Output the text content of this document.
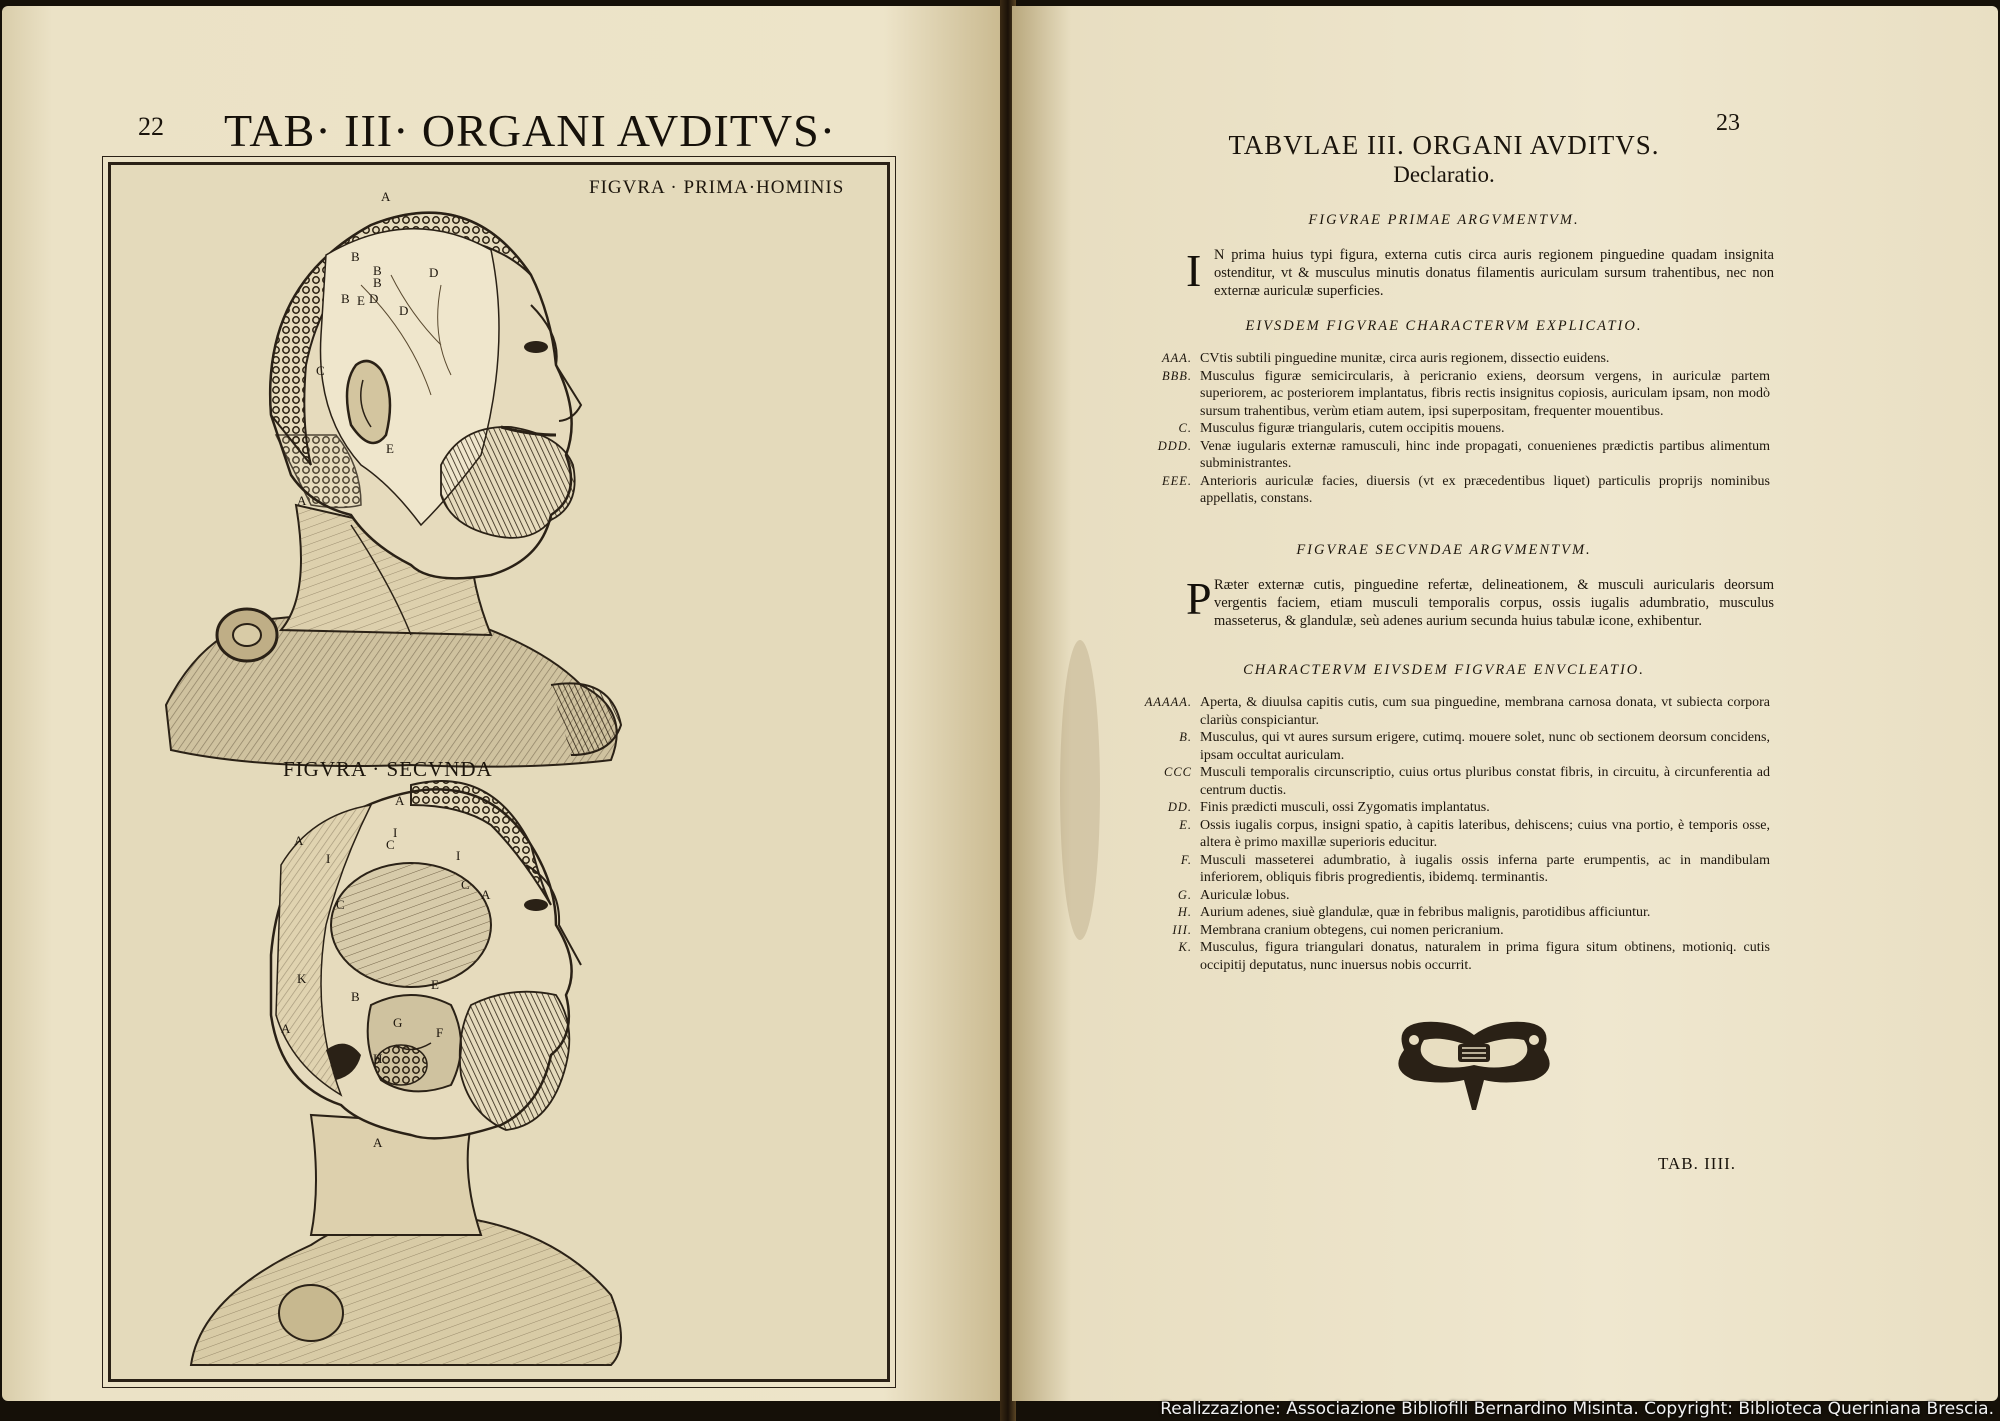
22 TAB· III· ORGANI AVDITVS·
A
B
B
B
D
B
E D
D
C
E
A
A
A
I
I
C
I
C
C
A
K
B
E
A	G
F
H
A
FIGVRA · PRIMA·HOMINIS
FIGVRA · SECVNDA
23
TABVLAE III. ORGANI AVDITVS.
Declaratio.
FIGVRAE PRIMAE ARGVMENTVM.
I N prima huius typi figura, externa cutis circa auris regionem pinguedine quadam insignita ostenditur, vt & musculus minutis donatus filamentis auriculam sursum trahentibus, nec non externæ auriculæ superficies.
EIVSDEM FIGVRAE CHARACTERVM EXPLICATIO.
AAA. CVtis subtili pinguedine munitæ, circa auris regionem, dissectio euidens.
BBB. Musculus figuræ semicircularis, à pericranio exiens, deorsum vergens, in auriculæ partem superiorem, ac posteriorem implantatus, fibris rectis insignitus copiosis, auriculam ipsam, non modò sursum trahentibus, verùm etiam autem, ipsi superpositam, frequenter mouentibus.
C. Musculus figuræ triangularis, cutem occipitis mouens.
DDD. Venæ iugularis externæ ramusculi, hinc inde propagati, conuenienes prædictis partibus alimentum subministrantes.
EEE. Anterioris auriculæ facies, diuersis (vt ex præcedentibus liquet) particulis proprijs nominibus appellatis, constans.
FIGVRAE SECVNDAE ARGVMENTVM.
P Ræter externæ cutis, pinguedine refertæ, delineationem, & musculi auricularis deorsum vergentis faciem, etiam musculi temporalis corpus, ossis iugalis adumbratio, musculus masseterus, & glandulæ, seù adenes aurium secunda huius tabulæ icone, exhibentur.
CHARACTERVM EIVSDEM FIGVRAE ENVCLEATIO.
AAAAA. Aperta, & diuulsa capitis cutis, cum sua pinguedine, membrana carnosa donata, vt subiecta corpora clariùs conspiciantur.
B. Musculus, qui vt aures sursum erigere, cutimq. mouere solet, nunc ob sectionem deorsum concidens, ipsam occultat auriculam.
CCC Musculi temporalis circunscriptio, cuius ortus pluribus constat fibris, in circuitu, à circunferentia ad centrum ductis.
DD. Finis prædicti musculi, ossi Zygomatis implantatus.
E. Ossis iugalis corpus, insigni spatio, à capitis lateribus, dehiscens; cuius vna portio, è temporis osse, altera è primo maxillæ superioris educitur.
F. Musculi masseterei adumbratio, à iugalis ossis inferna parte erumpentis, ac in mandibulam inferiorem, obliquis fibris progredientis, ibidemq. terminantis.
G. Auriculæ lobus.
H. Aurium adenes, siuè glandulæ, quæ in febribus malignis, parotidibus afficiuntur.
III. Membrana cranium obtegens, cui nomen pericranium.
K. Musculus, figura triangulari donatus, naturalem in prima figura situm obtinens, motioniq. cutis occipitij deputatus, nunc inuersus nobis occurrit.
TAB. IIII.
Realizzazione: Associazione Bibliofili Bernardino Misinta. Copyright: Biblioteca Queriniana Brescia.
